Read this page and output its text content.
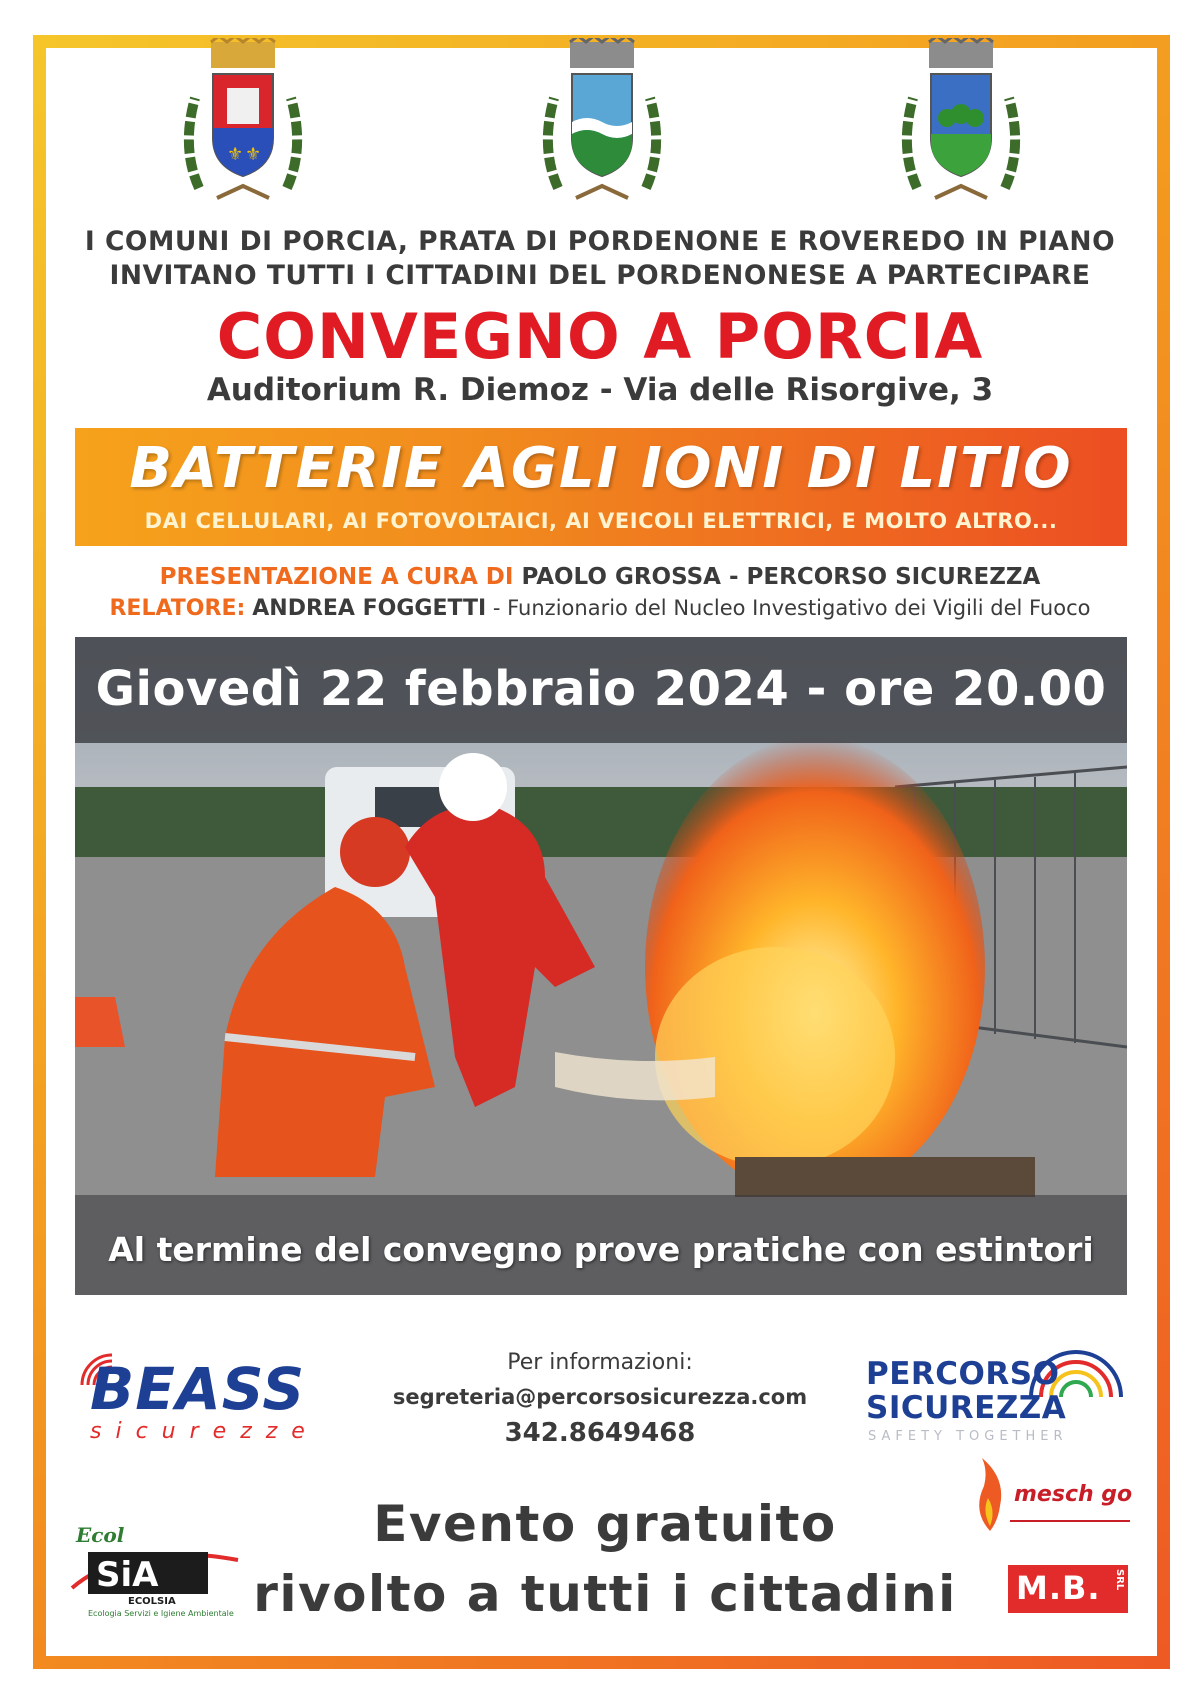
⚜ ⚜
I COMUNI DI PORCIA, PRATA DI PORDENONE E ROVEREDO IN PIANO
INVITANO TUTTI I CITTADINI DEL PORDENONESE A PARTECIPARE
CONVEGNO A PORCIA
Auditorium R. Diemoz - Via delle Risorgive, 3
BATTERIE AGLI IONI DI LITIO
DAI CELLULARI, AI FOTOVOLTAICI, AI VEICOLI ELETTRICI, E MOLTO ALTRO...
PRESENTAZIONE A CURA DI PAOLO GROSSA - PERCORSO SICUREZZA
RELATORE: ANDREA FOGGETTI - Funzionario del Nucleo Investigativo dei Vigili del Fuoco
Giovedì 22 febbraio 2024 - ore 20.00
Al termine del convegno prove pratiche con estintori
BEASS
sicurezze
Per informazioni:
segreteria@percorsosicurezza.com
342.8649468
PERCORSO
SICUREZZA
SAFETY TOGETHER
Ecol
SiA
ECOLSIA
Ecologia Servizi e Igiene Ambientale
Evento gratuito
rivolto a tutti i cittadini
mesch go
M.B. SRL
